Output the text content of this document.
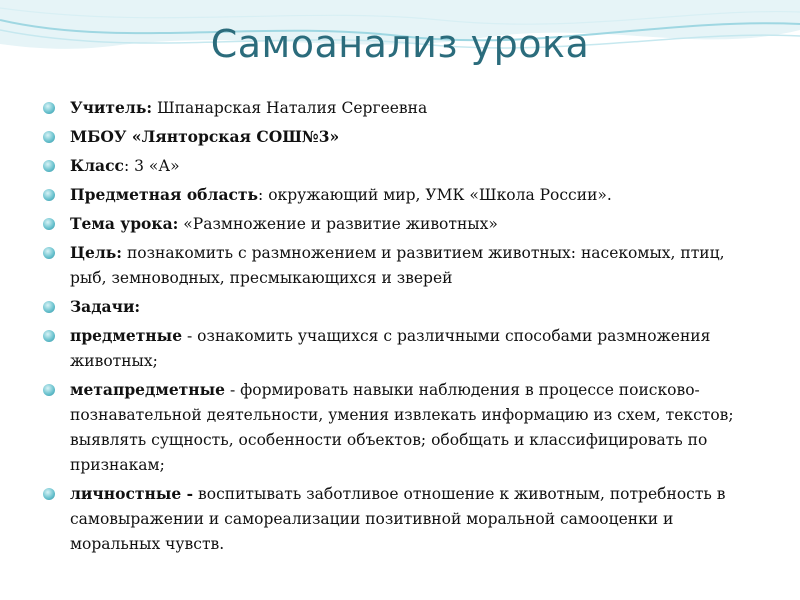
Самоанализ урока
Учитель: Шпанарская Наталия Сергеевна
МБОУ «Лянторская СОШ№3»
Класс: 3 «А»
Предметная область: окружающий мир, УМК «Школа России».
Тема урока: «Размножение и развитие животных»
Цель: познакомить с размножением и развитием животных: насекомых, птиц, рыб, земноводных, пресмыкающихся и зверей
Задачи:
предметные - ознакомить учащихся с различными способами размножения животных;
метапредметные - формировать навыки наблюдения в процессе поисково-познавательной деятельности, умения извлекать информацию из схем, текстов; выявлять сущность, особенности объектов; обобщать и классифицировать по признакам;
личностные - воспитывать заботливое отношение к животным, потребность в самовыражении и самореализации позитивной моральной самооценки и моральных чувств.
